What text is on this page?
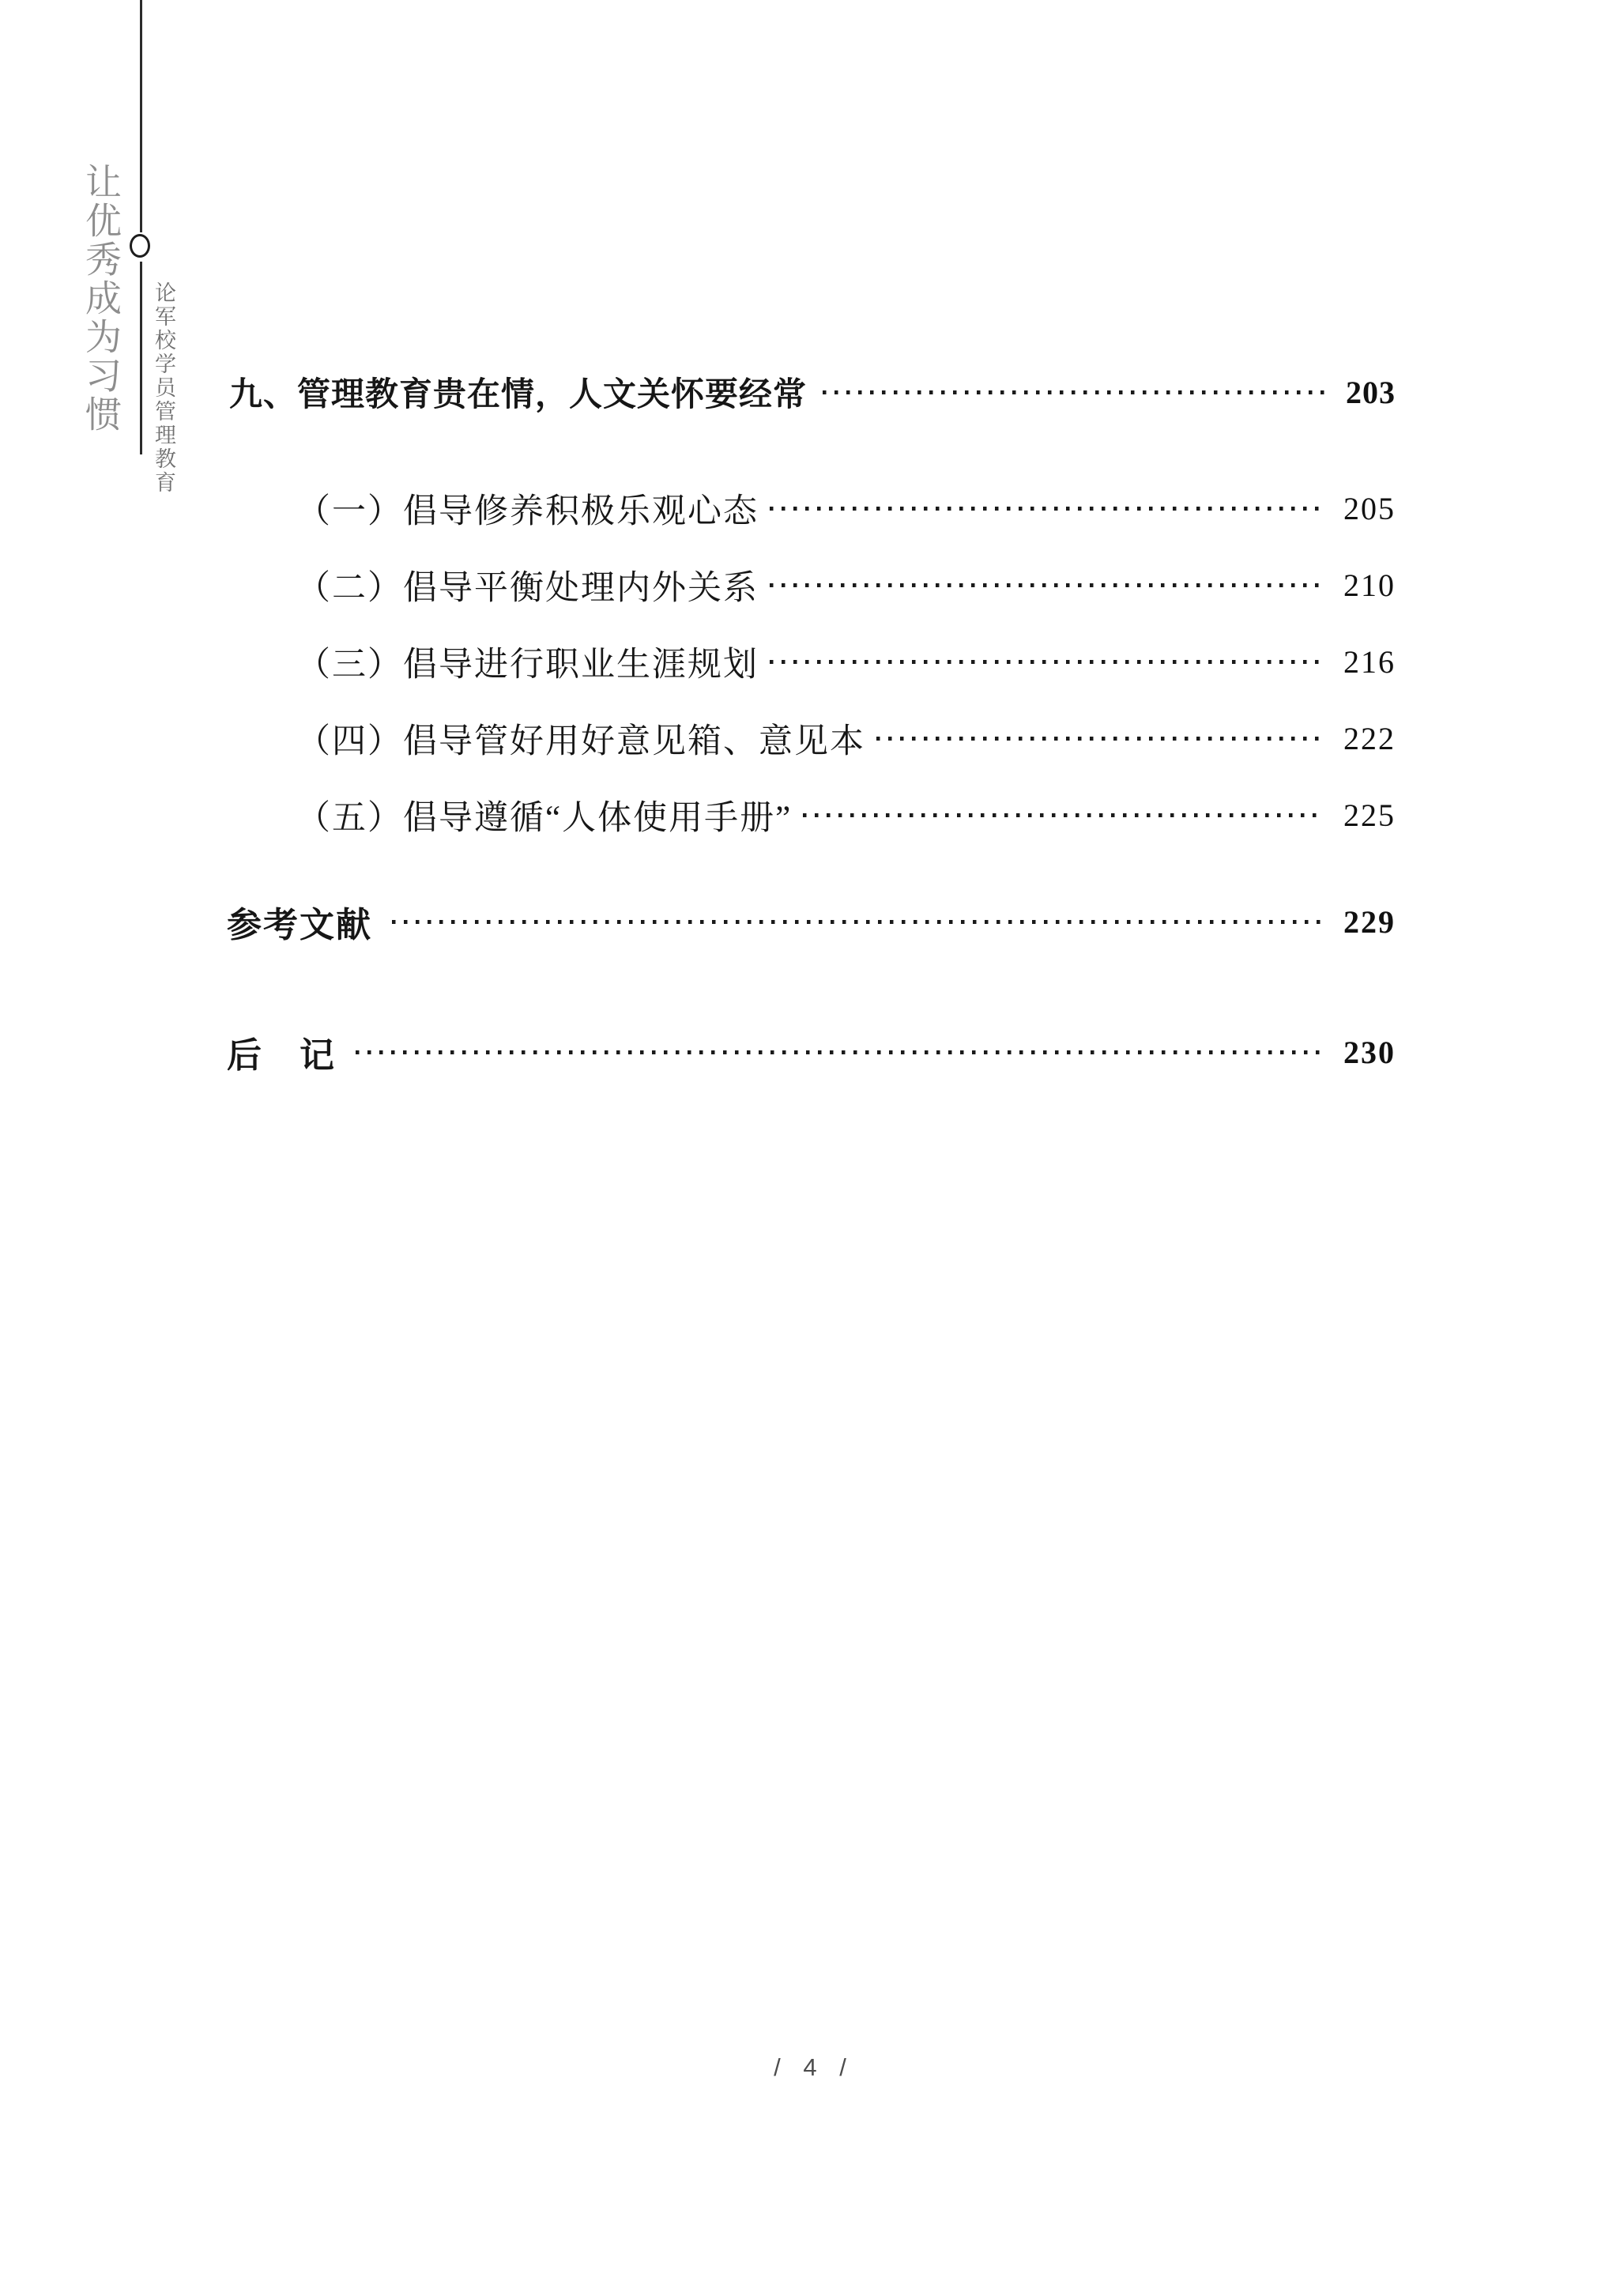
让优秀成为习惯 论军校学员管理教育 九、管理教育贵在情，人文关怀要经常	203
（一）倡导修养积极乐观心态	205
（二）倡导平衡处理内外关系	210
（三）倡导进行职业生涯规划	216
（四）倡导管好用好意见箱、意见本	222
（五）倡导遵循“人体使用手册”	225
参考文献	229
后　记	230
/ 4 /
